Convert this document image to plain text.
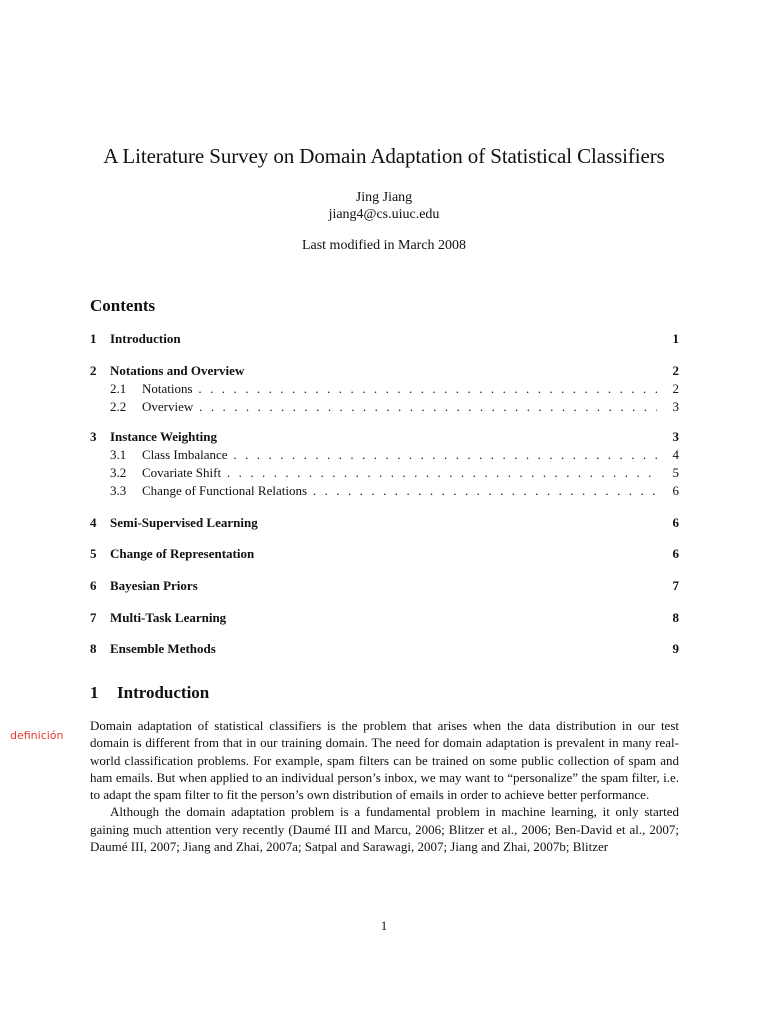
A Literature Survey on Domain Adaptation of Statistical Classifiers
Jing Jiang
jiang4@cs.uiuc.edu
Last modified in March 2008
Contents
1 Introduction	1
2 Notations and Overview	2
2.1 Notations . . .	2
2.2 Overview . . .	3
3 Instance Weighting	3
3.1 Class Imbalance . . .	4
3.2 Covariate Shift . . .	5
3.3 Change of Functional Relations . . .	6
4 Semi-Supervised Learning	6
5 Change of Representation	6
6 Bayesian Priors	7
7 Multi-Task Learning	8
8 Ensemble Methods	9
1 Introduction
definición

Domain adaptation of statistical classifiers is the problem that arises when the data distribution in our test domain is different from that in our training domain. The need for domain adaptation is prevalent in many real-world classification problems. For example, spam filters can be trained on some public collection of spam and ham emails. But when applied to an individual person’s inbox, we may want to “personalize” the spam filter, i.e. to adapt the spam filter to fit the person’s own distribution of emails in order to achieve better performance.

Although the domain adaptation problem is a fundamental problem in machine learning, it only started gaining much attention very recently (Daumé III and Marcu, 2006; Blitzer et al., 2006; Ben-David et al., 2007; Daumé III, 2007; Jiang and Zhai, 2007a; Satpal and Sarawagi, 2007; Jiang and Zhai, 2007b; Blitzer

1
